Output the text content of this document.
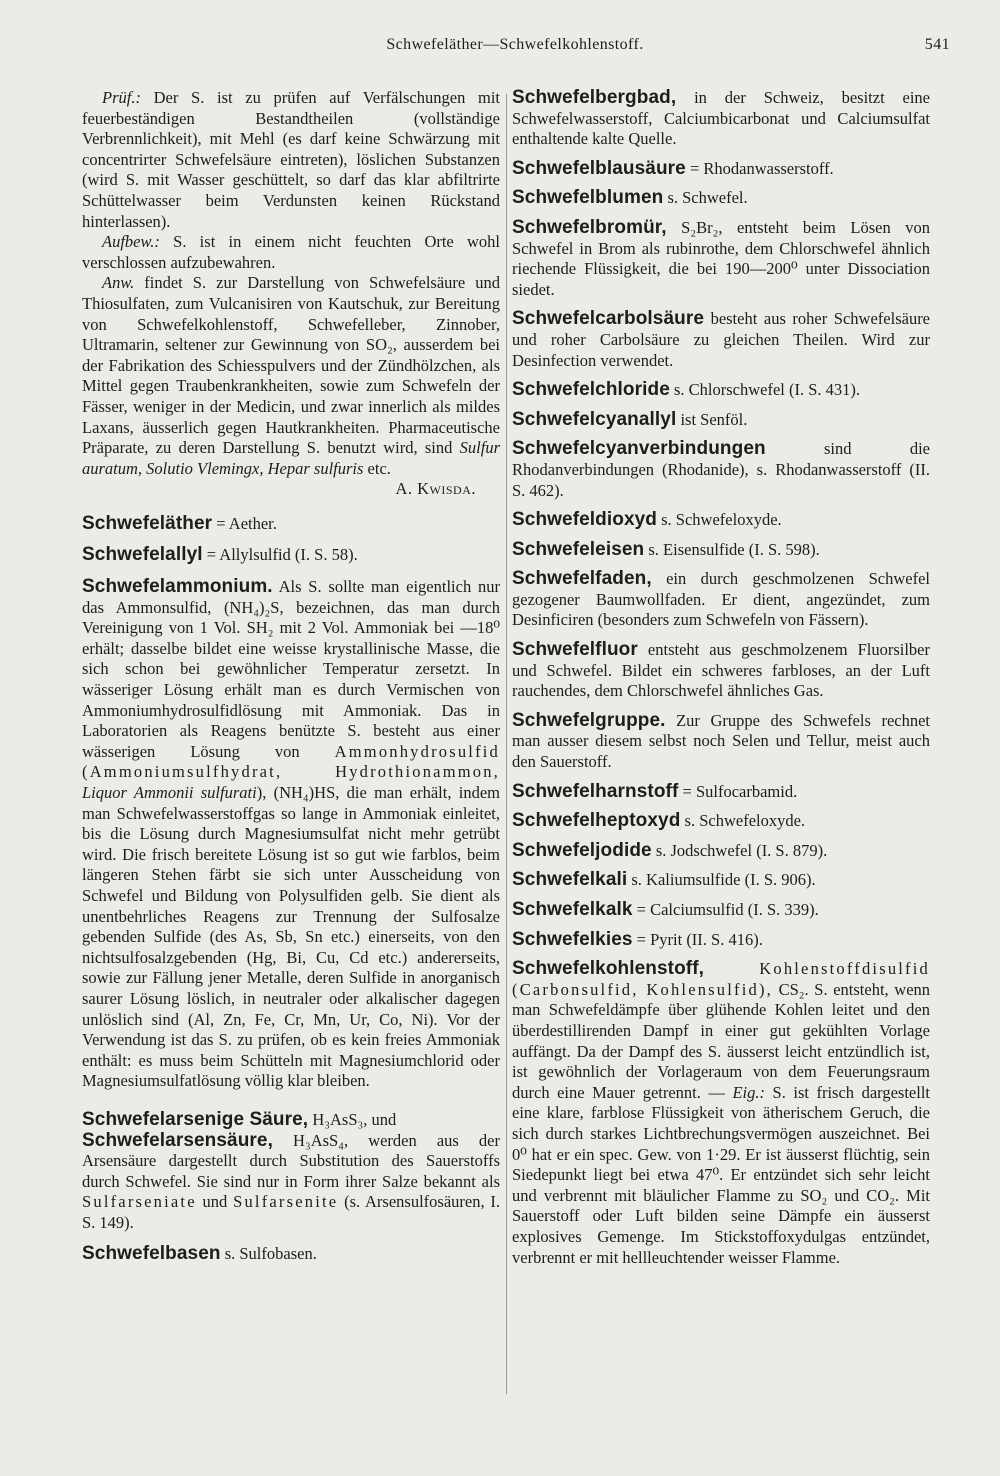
Schwefeläther—Schwefelkohlenstoff.	541

Prüf.: Der S. ist zu prüfen auf Verfälschungen mit feuerbeständigen Bestandtheilen (vollständige Verbrennlichkeit), mit Mehl (es darf keine Schwärzung mit concentrirter Schwefelsäure eintreten), löslichen Substanzen (wird S. mit Wasser geschüttelt, so darf das klar abfiltrirte Schüttelwasser beim Verdunsten keinen Rückstand hinterlassen).

Aufbew.: S. ist in einem nicht feuchten Orte wohl verschlossen aufzubewahren.

Anw. findet S. zur Darstellung von Schwefelsäure und Thiosulfaten, zum Vulcanisiren von Kautschuk, zur Bereitung von Schwefelkohlenstoff, Schwefelleber, Zinnober, Ultramarin, seltener zur Gewinnung von SO₂, ausserdem bei der Fabrikation des Schiesspulvers und der Zündhölzchen, als Mittel gegen Traubenkrankheiten, sowie zum Schwefeln der Fässer, weniger in der Medicin, und zwar innerlich als mildes Laxans, äusserlich gegen Hautkrankheiten. Pharmaceutische Präparate, zu deren Darstellung S. benutzt wird, sind Sulfur auratum, Solutio Vlemingx, Hepar sulfuris etc.

A. Kwisda.

Schwefeläther = Aether.

Schwefelallyl = Allylsulfid (I. S. 58).

Schwefelammonium. Als S. sollte man eigentlich nur das Ammonsulfid, (NH₄)₂S, bezeichnen, das man durch Vereinigung von 1 Vol. SH₂ mit 2 Vol. Ammoniak bei —18⁰ erhält; dasselbe bildet eine weisse krystallinische Masse, die sich schon bei gewöhnlicher Temperatur zersetzt. In wässeriger Lösung erhält man es durch Vermischen von Ammoniumhydrosulfidlösung mit Ammoniak. Das in Laboratorien als Reagens benützte S. besteht aus einer wässerigen Lösung von Ammonhydrosulfid (Ammoniumsulfhydrat, Hydrothionammon, Liquor Ammonii sulfurati), (NH₄)HS, die man erhält, indem man Schwefelwasserstoffgas so lange in Ammoniak einleitet, bis die Lösung durch Magnesiumsulfat nicht mehr getrübt wird. Die frisch bereitete Lösung ist so gut wie farblos, beim längeren Stehen färbt sie sich unter Ausscheidung von Schwefel und Bildung von Polysulfiden gelb. Sie dient als unentbehrliches Reagens zur Trennung der Sulfosalze gebenden Sulfide (des As, Sb, Sn etc.) einerseits, von den nichtsulfosalzgebenden (Hg, Bi, Cu, Cd etc.) andererseits, sowie zur Fällung jener Metalle, deren Sulfide in anorganisch saurer Lösung löslich, in neutraler oder alkalischer dagegen unlöslich sind (Al, Zn, Fe, Cr, Mn, Ur, Co, Ni). Vor der Verwendung ist das S. zu prüfen, ob es kein freies Ammoniak enthält: es muss beim Schütteln mit Magnesiumchlorid oder Magnesiumsulfatlösung völlig klar bleiben.

Schwefelarsenige Säure, H₃AsS₃, und

Schwefelarsensäure, H₃AsS₄, werden aus der Arsensäure dargestellt durch Substitution des Sauerstoffs durch Schwefel. Sie sind nur in Form ihrer Salze bekannt als Sulfarseniate und Sulfarsenite (s. Arsensulfosäuren, I. S. 149).

Schwefelbasen s. Sulfobasen.

Schwefelbergbad, in der Schweiz, besitzt eine Schwefelwasserstoff, Calciumbicarbonat und Calciumsulfat enthaltende kalte Quelle.

Schwefelblausäure = Rhodanwasserstoff.

Schwefelblumen s. Schwefel.

Schwefelbromür, S₂Br₂, entsteht beim Lösen von Schwefel in Brom als rubinrothe, dem Chlorschwefel ähnlich riechende Flüssigkeit, die bei 190—200⁰ unter Dissociation siedet.

Schwefelcarbolsäure besteht aus roher Schwefelsäure und roher Carbolsäure zu gleichen Theilen. Wird zur Desinfection verwendet.

Schwefelchloride s. Chlorschwefel (I. S. 431).

Schwefelcyanallyl ist Senföl.

Schwefelcyanverbindungen	sind die Rhodanverbindungen (Rhodanide), s. Rhodanwasserstoff (II. S. 462).

Schwefeldioxyd s. Schwefeloxyde.

Schwefeleisen s. Eisensulfide (I. S. 598).

Schwefelfaden, ein durch geschmolzenen Schwefel gezogener Baumwollfaden. Er dient, angezündet, zum Desinficiren (besonders zum Schwefeln von Fässern).

Schwefelfluor entsteht aus geschmolzenem Fluorsilber und Schwefel. Bildet ein schweres farbloses, an der Luft rauchendes, dem Chlorschwefel ähnliches Gas.

Schwefelgruppe. Zur Gruppe des Schwefels rechnet man ausser diesem selbst noch Selen und Tellur, meist auch den Sauerstoff.

Schwefelharnstoff = Sulfocarbamid.

Schwefelheptoxyd s. Schwefeloxyde.

Schwefeljodide s. Jodschwefel (I. S. 879).

Schwefelkali s. Kaliumsulfide (I. S. 906).

Schwefelkalk = Calciumsulfid (I. S. 339).

Schwefelkies = Pyrit (II. S. 416).

Schwefelkohlenstoff,	Kohlenstoffdisulfid (Carbonsulfid, Kohlensulfid), CS₂. S. entsteht, wenn man Schwefeldämpfe über glühende Kohlen leitet und den überdestillirenden Dampf in einer gut gekühlten Vorlage auffängt. Da der Dampf des S. äusserst leicht entzündlich ist, ist gewöhnlich der Vorlageraum von dem Feuerungsraum durch eine Mauer getrennt. — Eig.: S. ist frisch dargestellt eine klare, farblose Flüssigkeit von ätherischem Geruch, die sich durch starkes Lichtbrechungsvermögen auszeichnet. Bei 0⁰ hat er ein spec. Gew. von 1·29. Er ist äusserst flüchtig, sein Siedepunkt liegt bei etwa 47⁰. Er entzündet sich sehr leicht und verbrennt mit bläulicher Flamme zu SO₂ und CO₂. Mit Sauerstoff oder Luft bilden seine Dämpfe ein äusserst explosives Gemenge. Im Stickstoffoxydulgas entzündet, verbrennt er mit hellleuchtender weisser Flamme.
